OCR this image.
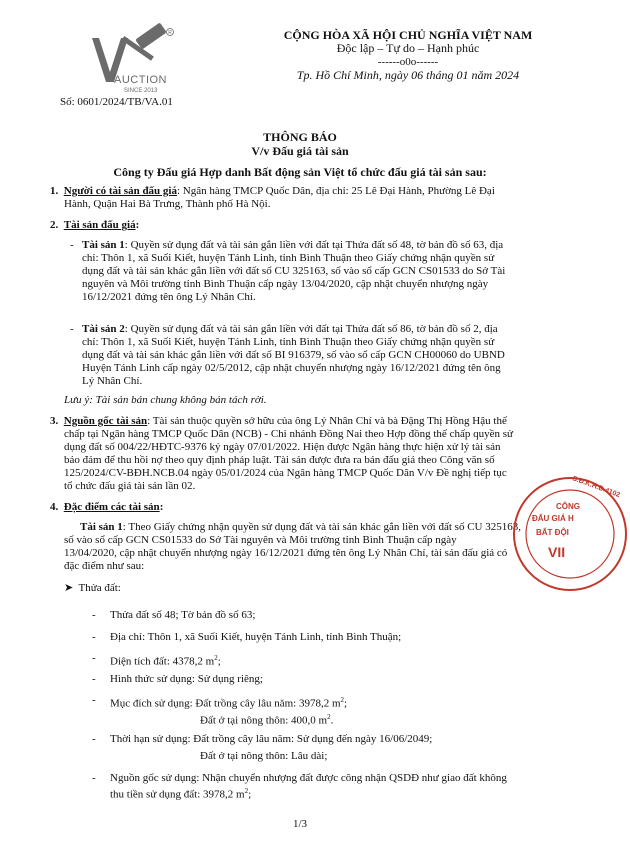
R
AUCTION
SINCE 2013
Số: 0601/2024/TB/VA.01
CỘNG HÒA XÃ HỘI CHỦ NGHĨA VIỆT NAM
Độc lập – Tự do – Hạnh phúc
------o0o------
Tp. Hồ Chí Minh, ngày 06 tháng 01 năm 2024
THÔNG BÁO
V/v Đấu giá tài sản
Công ty Đấu giá Hợp danh Bất động sản Việt tổ chức đấu giá tài sản sau:
1. Người có tài sản đấu giá: Ngân hàng TMCP Quốc Dân, địa chỉ: 25 Lê Đại Hành, Phường Lê Đại
Hành, Quận Hai Bà Trưng, Thành phố Hà Nội.
2. Tài sản đấu giá:
- Tài sản 1: Quyền sử dụng đất và tài sản gắn liền với đất tại Thửa đất số 48, tờ bản đồ số 63, địa
chỉ: Thôn 1, xã Suối Kiết, huyện Tánh Linh, tỉnh Bình Thuận theo Giấy chứng nhận quyền sử
dụng đất và tài sản khác gắn liền với đất số CU 325163, số vào sổ cấp GCN CS01533 do Sở Tài
nguyên và Môi trường tỉnh Bình Thuận cấp ngày 13/04/2020, cập nhật chuyển nhượng ngày
16/12/2021 đứng tên ông Lý Nhân Chí.
- Tài sản 2: Quyền sử dụng đất và tài sản gắn liền với đất tại Thửa đất số 86, tờ bản đồ số 2, địa
chỉ: Thôn 1, xã Suối Kiết, huyện Tánh Linh, tỉnh Bình Thuận theo Giấy chứng nhận quyền sử
dụng đất và tài sản khác gắn liền với đất số BI 916379, số vào sổ cấp GCN CH00060 do UBND
Huyện Tánh Linh cấp ngày 02/5/2012, cập nhật chuyển nhượng ngày 16/12/2021 đứng tên ông
Lý Nhân Chí.
Lưu ý: Tài sản bán chung không bán tách rời.
3. Nguồn gốc tài sản: Tài sản thuộc quyền sở hữu của ông Lý Nhân Chí và bà Đặng Thị Hồng Hậu thế
chấp tại Ngân hàng TMCP Quốc Dân (NCB) - Chi nhánh Đồng Nai theo Hợp đồng thế chấp quyền sử
dụng đất số 004/22/HĐTC-9376 ký ngày 07/01/2022. Hiện được Ngân hàng thực hiện xử lý tài sản
bảo đảm để thu hồi nợ theo quy định pháp luật. Tài sản được đưa ra bán đấu giá theo Công văn số
125/2024/CV-BĐH.NCB.04 ngày 05/01/2024 của Ngân hàng TMCP Quốc Dân V/v Đề nghị tiếp tục
tổ chức đấu giá tài sản lần 02.
4. Đặc điểm các tài sản:
Tài sản 1: Theo Giấy chứng nhận quyền sử dụng đất và tài sản khác gắn liền với đất số CU 325163,
số vào sổ cấp GCN CS01533 do Sở Tài nguyên và Môi trường tỉnh Bình Thuận cấp ngày
13/04/2020, cập nhật chuyển nhượng ngày 16/12/2021 đứng tên ông Lý Nhân Chí, tài sản đấu giá có
đặc điểm như sau:
➤ Thửa đất:
- Thửa đất số 48; Tờ bản đồ số 63;
- Địa chỉ: Thôn 1, xã Suối Kiết, huyện Tánh Linh, tỉnh Bình Thuận;
- Diện tích đất: 4378,2 $m^2$;
- Hình thức sử dụng: Sử dụng riêng;
- Mục đích sử dụng: Đất trồng cây lâu năm: 3978,2 $m^2$;
Đất ở tại nông thôn: 400,0 $m^2$.
- Thời hạn sử dụng: Đất trồng cây lâu năm: Sử dụng đến ngày 16/06/2049;
Đất ở tại nông thôn: Lâu dài;
- Nguồn gốc sử dụng: Nhận chuyển nhượng đất được công nhận QSDĐ như giao đất không
thu tiền sử dụng đất: 3978,2 $m^2$;
S.Đ.K.H.Đ.4102
CÔNG
ĐẤU GIÁ H
BẤT ĐỘI
VII
1/3
